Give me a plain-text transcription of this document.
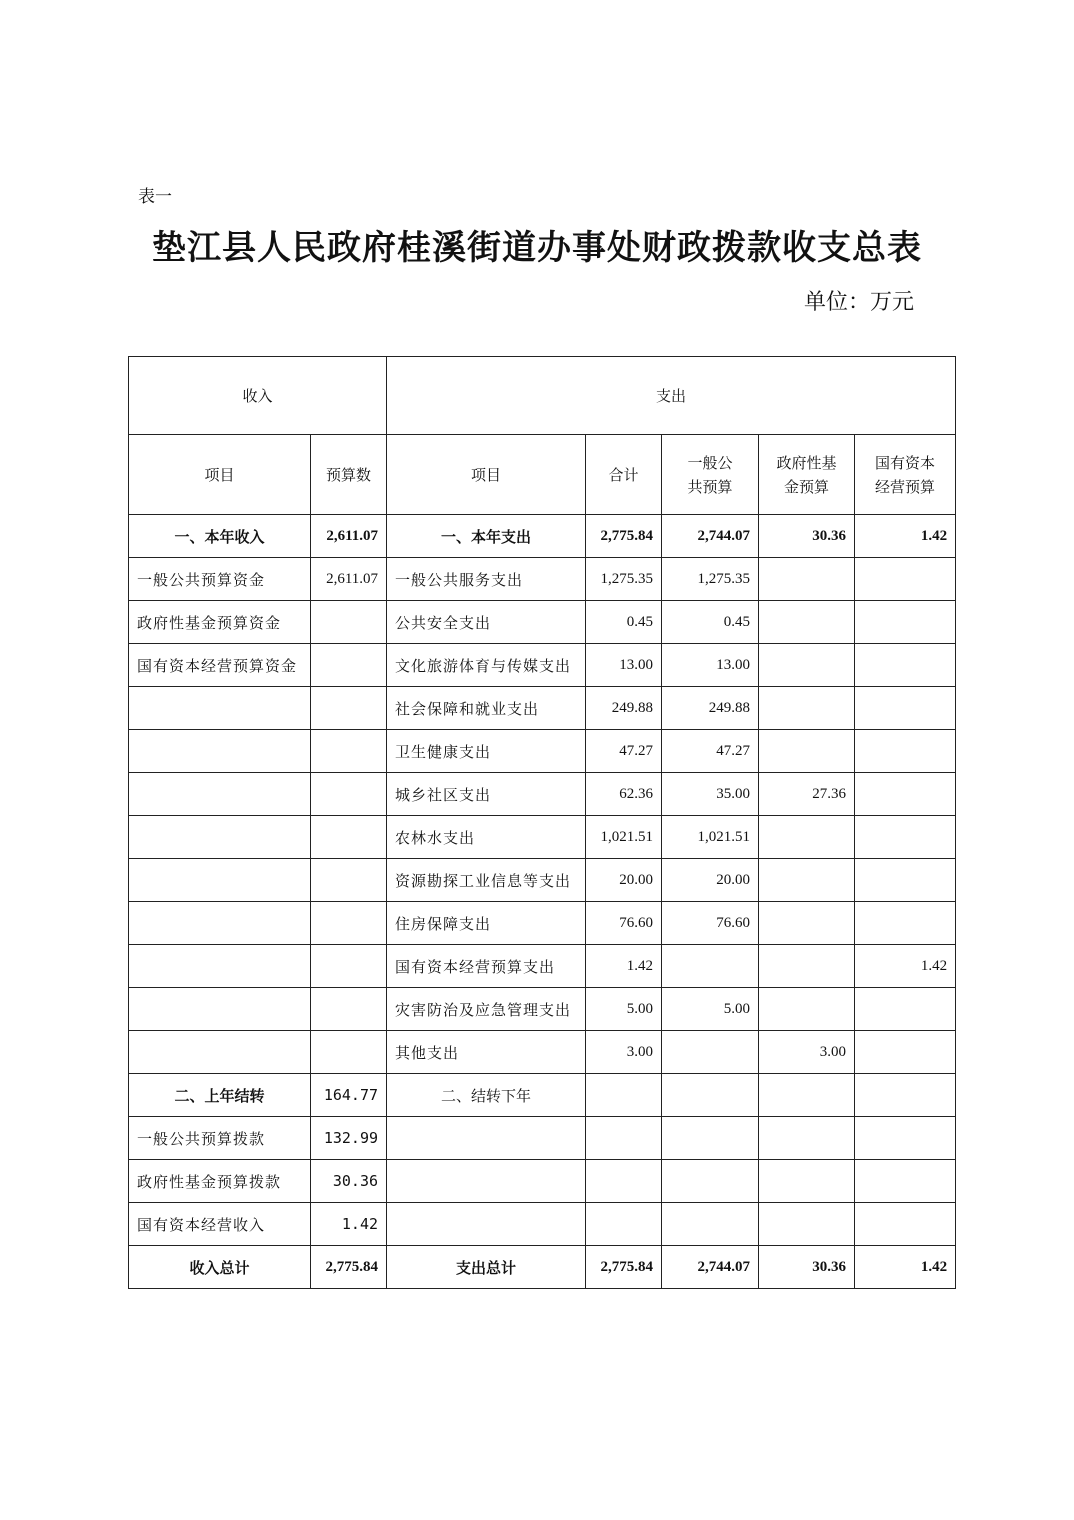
表一
垫江县人民政府桂溪街道办事处财政拨款收支总表
单位：万元
收入		支出				
项目	预算数	项目	合计	一般公共预算	政府性基金预算	国有资本经营预算
一、本年收入	2,611.07	一、本年支出	2,775.84	2,744.07	30.36	1.42
一般公共预算资金	2,611.07	一般公共服务支出	1,275.35	1,275.35		
政府性基金预算资金		公共安全支出	0.45	0.45		
国有资本经营预算资金		文化旅游体育与传媒支出	13.00	13.00		
		社会保障和就业支出	249.88	249.88		
		卫生健康支出	47.27	47.27		
		城乡社区支出	62.36	35.00	27.36	
		农林水支出	1,021.51	1,021.51		
		资源勘探工业信息等支出	20.00	20.00		
		住房保障支出	76.60	76.60		
		国有资本经营预算支出	1.42			1.42
		灾害防治及应急管理支出	5.00	5.00		
		其他支出	3.00		3.00	
二、上年结转	164.77	二、结转下年				
一般公共预算拨款	132.99					
政府性基金预算拨款	30.36					
国有资本经营收入	1.42					
收入总计	2,775.84	支出总计	2,775.84	2,744.07	30.36	1.42
